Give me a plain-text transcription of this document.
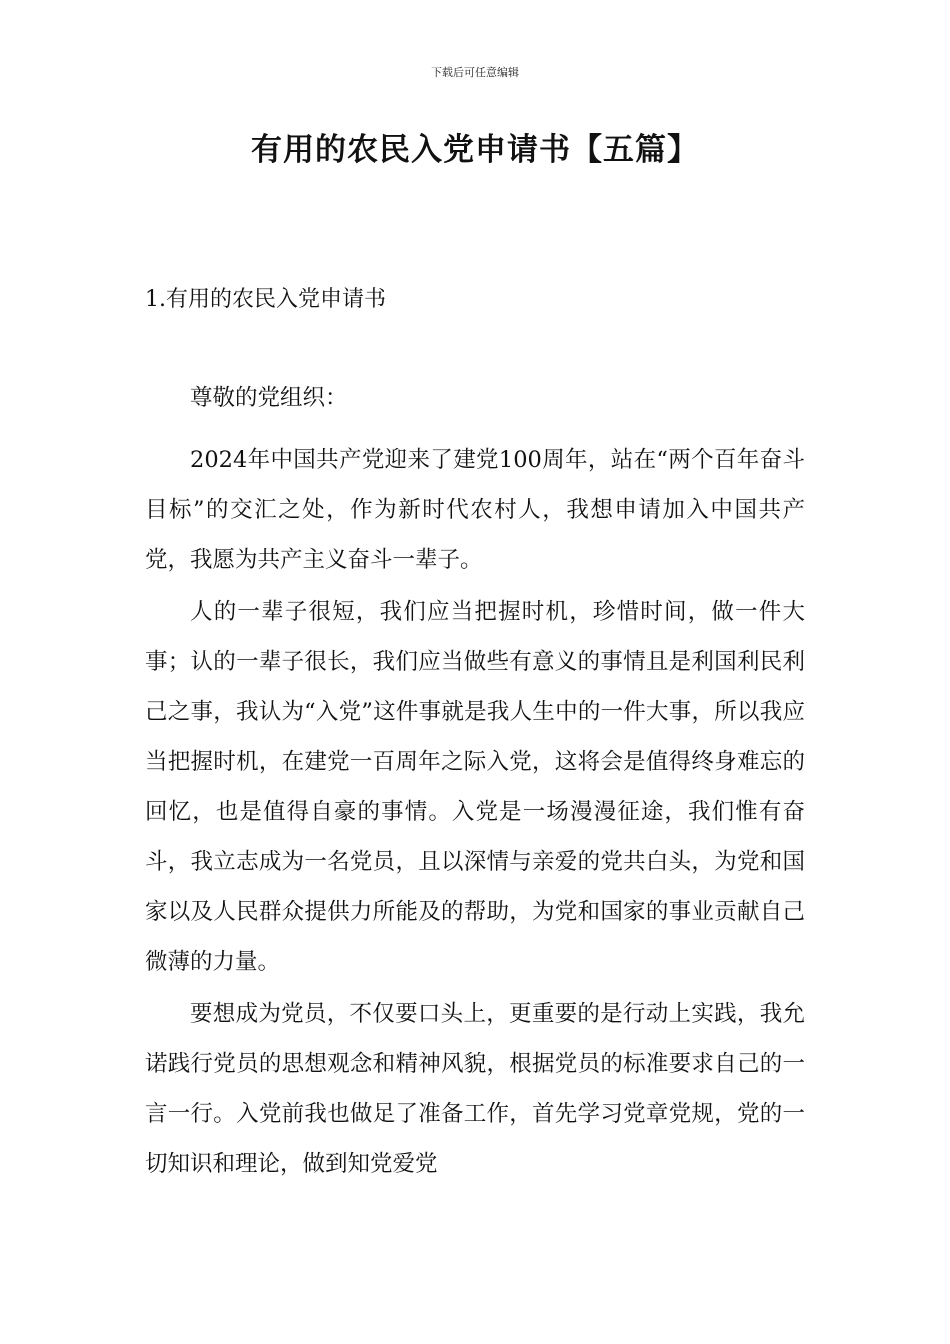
下载后可任意编辑
有用的农民入党申请书【五篇】
1.有用的农民入党申请书

尊敬的党组织：

2024年中国共产党迎来了建党100周年，站在“两个百年奋斗目标”的交汇之处，作为新时代农村人，我想申请加入中国共产党，我愿为共产主义奋斗一辈子。

人的一辈子很短，我们应当把握时机，珍惜时间，做一件大事；认的一辈子很长，我们应当做些有意义的事情且是利国利民利己之事，我认为“入党”这件事就是我人生中的一件大事，所以我应当把握时机，在建党一百周年之际入党，这将会是值得终身难忘的回忆，也是值得自豪的事情。入党是一场漫漫征途，我们惟有奋斗，我立志成为一名党员，且以深情与亲爱的党共白头，为党和国家以及人民群众提供力所能及的帮助，为党和国家的事业贡献自己微薄的力量。

要想成为党员，不仅要口头上，更重要的是行动上实践，我允诺践行党员的思想观念和精神风貌，根据党员的标准要求自己的一言一行。入党前我也做足了准备工作，首先学习党章党规，党的一切知识和理论，做到知党爱党
